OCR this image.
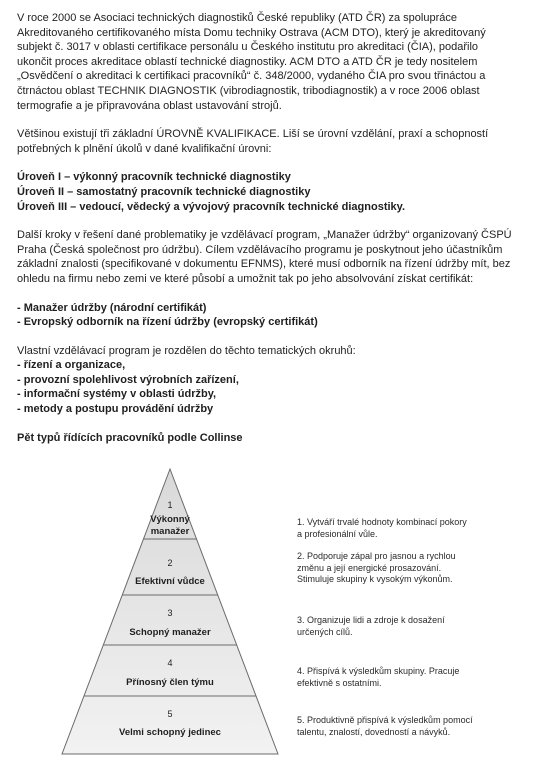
V roce 2000 se Asociaci technických diagnostiků České republiky (ATD ČR) za spolupráce

Akreditovaného certifikovaného místa Domu techniky Ostrava (ACM DTO), který je akreditovaný

subjekt č. 3017 v oblasti certifikace personálu u Českého institutu pro akreditaci (ČIA), podařilo

ukončit proces akreditace oblastí technické diagnostiky. ACM DTO a ATD ČR je tedy nositelem

„Osvědčení o akreditaci k certifikaci pracovníků“ č. 348/2000, vydaného ČIA pro svou třináctou a

čtrnáctou oblast TECHNIK DIAGNOSTIK (vibrodiagnostik, tribodiagnostik) a v roce 2006 oblast

termografie a je připravována oblast ustavování strojů.

Většinou existují tři základní ÚROVNĚ KVALIFIKACE. Liší se úrovní vzdělání, praxí a schopností

potřebných k plnění úkolů v dané kvalifikační úrovni:

Úroveň I – výkonný pracovník technické diagnostiky

Úroveň II – samostatný pracovník technické diagnostiky

Úroveň III – vedoucí, vědecký a vývojový pracovník technické diagnostiky.

Další kroky v řešení dané problematiky je vzdělávací program, „Manažer údržby“ organizovaný ČSPÚ

Praha (Česká společnost pro údržbu). Cílem vzdělávacího programu je poskytnout jeho účastníkům

základní znalosti (specifikované v dokumentu EFNMS), které musí odborník na řízení údržby mít, bez

ohledu na firmu nebo zemi ve které působí a umožnit tak po jeho absolvování získat certifikát:

- Manažer údržby (národní certifikát)

- Evropský odborník na řízení údržby (evropský certifikát)

Vlastní vzdělávací program je rozdělen do těchto tematických okruhů:

- řízení a organizace,

- provozní spolehlivost výrobních zařízení,

- informační systémy v oblasti údržby,

- metody a postupu provádění údržby

Pět typů řídících pracovníků podle Collinse

1
Výkonný
manažer
2
Efektivní vůdce
3
Schopný manažer
4
Přínosný člen týmu
5
Velmi schopný jedinec
1. Vytváří trvalé hodnoty kombinací pokory
a profesionální vůle.
2. Podporuje zápal pro jasnou a rychlou
změnu a její energické prosazování.
Stimuluje skupiny k vysokým výkonům.
3. Organizuje lidi a zdroje k dosažení
určených cílů.
4. Přispívá k výsledkům skupiny. Pracuje
efektivně s ostatními.
5. Produktivně přispívá k výsledkům pomocí
talentu, znalostí, dovedností a návyků.
